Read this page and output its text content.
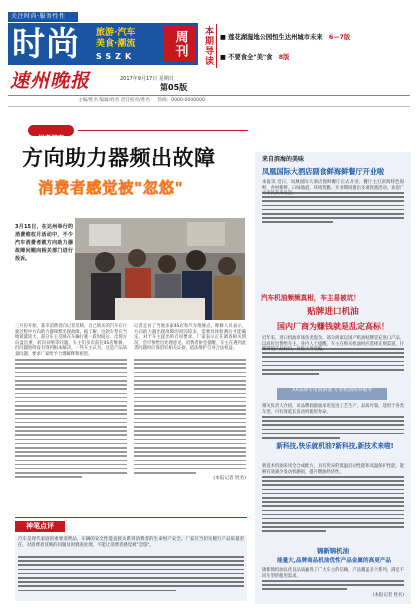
关注时尚·服务性性
时尚 旅游·汽车
美食·潮流
SSZK	周刊
速州晚报	2017年9月17日 星期日
第05版
主编/姓名 编辑/姓名 责任校对/姓名 热线：0000-0000000
本期导读	■ 莲花湖湿地公园恒生达州城市未来 6—7版
■ 不要食全"美"食 8版
记者调查
方向助力器频出故障
消费者感觉被"忽悠"
3月15日，在达州举行的消费维权月活动中，不少汽车消费者就方向助力器故障问题向相关部门进行投诉。
三月份开始，某市消费者向记者反映，自己购买的汽车在行驶过程中方向助力器频繁出现故障。据了解，这款车型在当地销量较大，部分车主反映在车辆行驶一段时间后，出现方向盘沉重、转向异响等问题。车主们多次前往4S店维修，但问题始终没有得到根本解决。一些车主认为，这是产品质量问题，要求厂家给予合理解释和赔偿。
记者走访了当地多家4S店和汽车维修点，维修人员表示，方向助力器出现故障的原因较多，需要具体检测后才能确定。对于车主提出的召回要求，厂家表示正在调查相关情况，会尽快给出处理意见。消费者协会提醒，车主在遇到此类问题时应保留好相关证据，依法维护自身合法权益。
(本报记者 姓名)
神笔点评
汽车是现代家庭的重要消费品，车辆的安全性能直接关系到消费者的生命财产安全。厂家应当切实履行产品质量责任，对消费者反映的问题及时调查处理，不能让消费者感觉被"忽悠"。
来自滨海的美味
凤凰国际大酒店副食鲜海鲜餐厅开业啦
本报讯 近日，凤凰国际大酒店海鲜餐厅正式开业。餐厅主打滨海特色海鲜，食材新鲜，口味地道，环境优雅。开业期间推出多项优惠活动，欢迎广大市民前来品尝。
汽车机油频频真相，车主易被坑！
贴牌进口机油
国内厂商为赚钱就是乱定高标！
近年来，进口机油市场鱼龙混杂，部分商家以国产机油贴牌冒充进口产品，以高价出售给车主。业内人士提醒，车主在购买机油时应选择正规渠道，仔细辨别产品标识，以免上当受骗。
XX品牌专用润滑油 专业机油保养服务
相关负责人介绍，该品牌润滑油采用先进工艺生产，品质可靠，适用于各类车型，可有效延长发动机使用寿命。
新科技,快乐就机油?新科技,新技术来啦!
新技术机油采用全合成配方，具有优异的低温启动性能和高温保护性能，能够有效减少发动机磨损，提升燃油经济性。
锦新锦机油
能量大,品牌商品机油优性产品金属的高更产品
锦新锦机油以优良品质赢得了广大车主的信赖，产品覆盖多个系列，满足不同车型的使用需求。
(本报记者 姓名)
